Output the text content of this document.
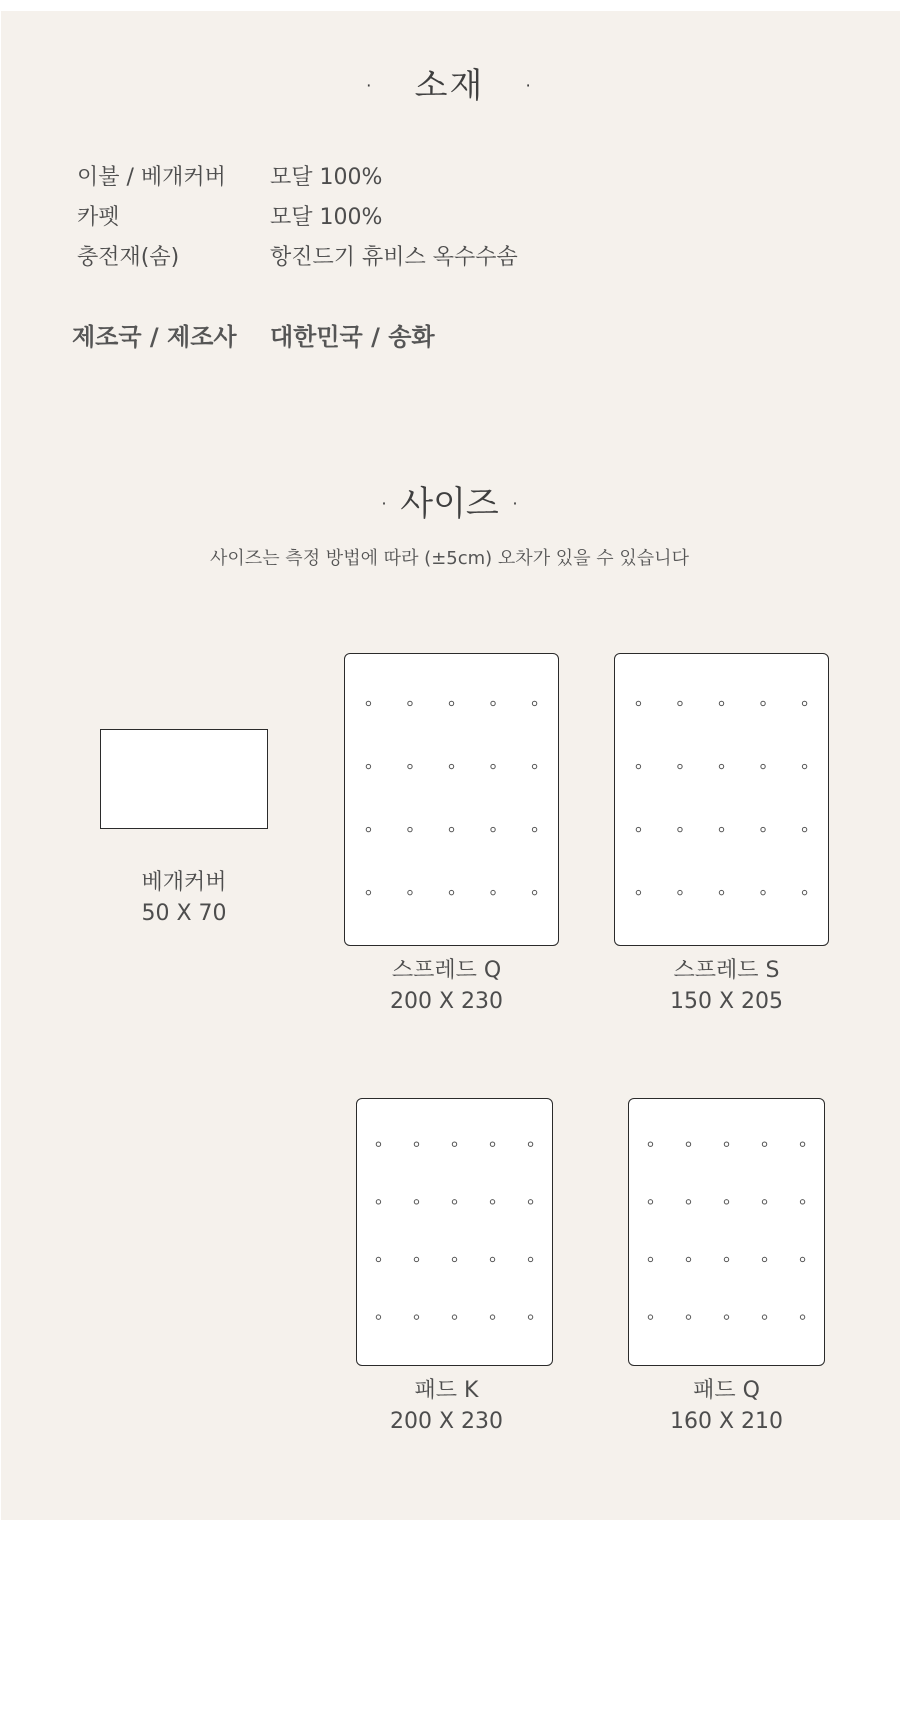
·   소재   ·
이불 / 베개커버 모달 100%
카펫	모달 100%
충전재(솜)	항진드기 휴비스 옥수수솜
제조국 / 제조사 대한민국 / 송화
· 사이즈 ·
사이즈는 측정 방법에 따라 (±5cm) 오차가 있을 수 있습니다
베개커버
50 X 70
스프레드 Q
200 X 230
스프레드 S
150 X 205
패드 K
200 X 230
패드 Q
160 X 210
